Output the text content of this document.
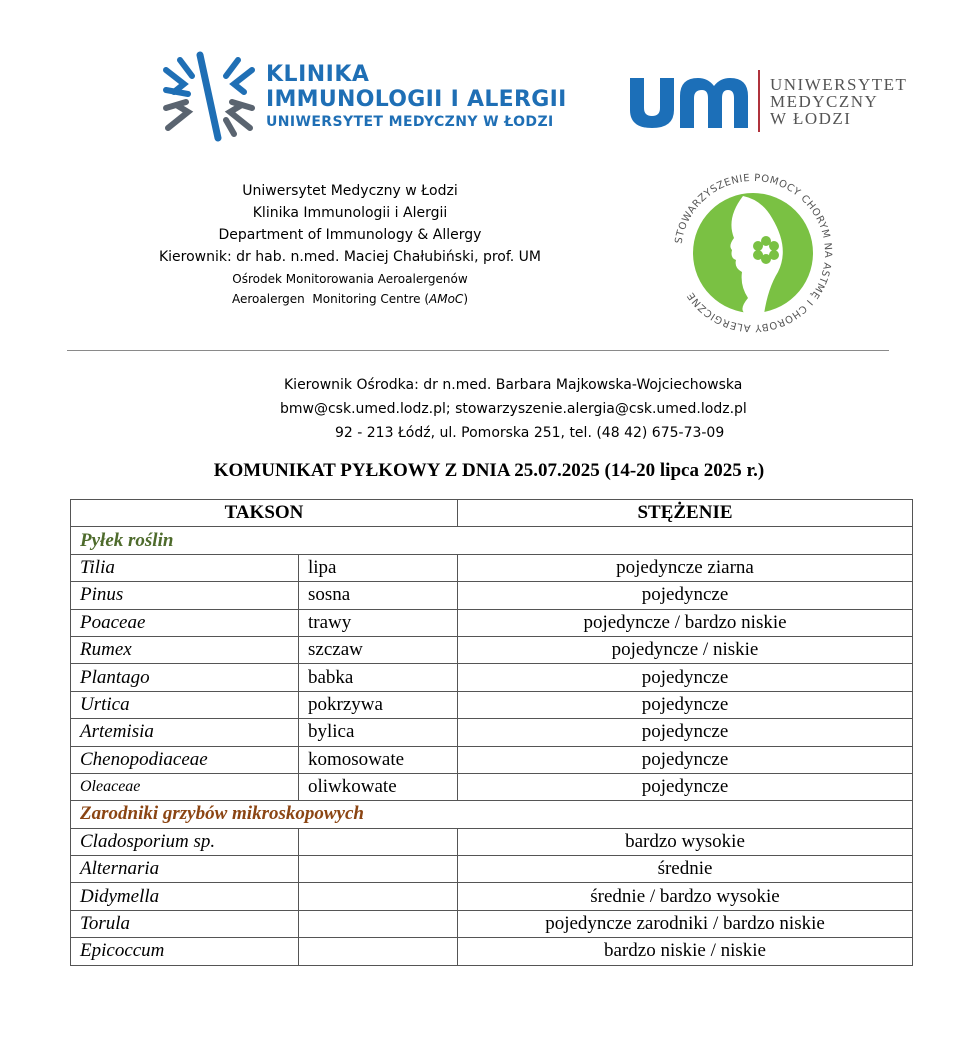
KLINIKA
IMMUNOLOGII I ALERGII
UNIWERSYTET MEDYCZNY W ŁODZI
UNIWERSYTET
MEDYCZNY
W ŁODZI
Uniwersytet Medyczny w Łodzi
Klinika Immunologii i Alergii
Department of Immunology & Allergy
Kierownik: dr hab. n.med. Maciej Chałubiński, prof. UM
Ośrodek Monitorowania Aeroalergenów
Aeroalergen  Monitoring Centre (AMoC)
STOWARZYSZENIE POMOCY CHORYM NA ASTMĘ I CHOROBY ALERGICZNE
Kierownik Ośrodka: dr n.med. Barbara Majkowska-Wojciechowska
bmw@csk.umed.lodz.pl; stowarzyszenie.alergia@csk.umed.lodz.pl
92 - 213 Łódź, ul. Pomorska 251, tel. (48 42) 675-73-09
KOMUNIKAT PYŁKOWY Z DNIA 25.07.2025 (14-20 lipca 2025 r.)
TAKSON		STĘŻENIE
Pyłek roślin		
Tilia	lipa	pojedyncze ziarna
Pinus	sosna	pojedyncze
Poaceae	trawy	pojedyncze / bardzo niskie
Rumex	szczaw	pojedyncze / niskie
Plantago	babka	pojedyncze
Urtica	pokrzywa	pojedyncze
Artemisia	bylica	pojedyncze
Chenopodiaceae	komosowate	pojedyncze
Oleaceae	oliwkowate	pojedyncze
Zarodniki grzybów mikroskopowych		
Cladosporium sp.		bardzo wysokie
Alternaria		średnie
Didymella		średnie / bardzo wysokie
Torula		pojedyncze zarodniki / bardzo niskie
Epicoccum		bardzo niskie / niskie
